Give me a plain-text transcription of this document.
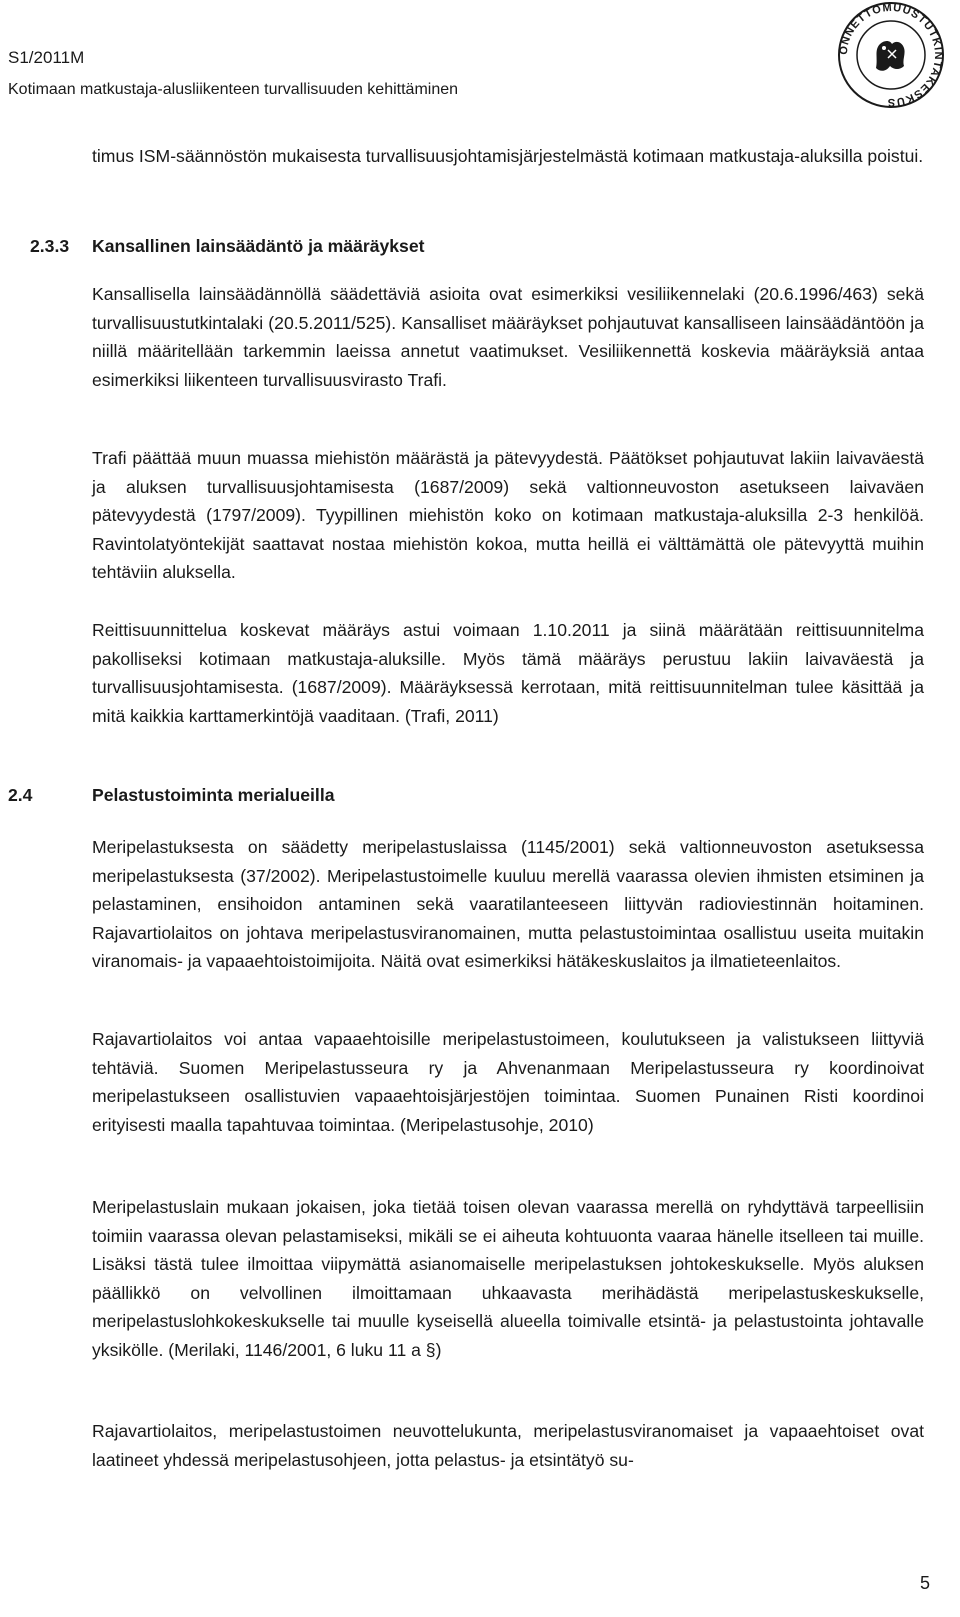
S1/2011M
Kotimaan matkustaja-alusliikenteen turvallisuuden kehittäminen
ONNETTOMUUSTUTKINTAKESKUS

timus ISM-säännöstön mukaisesta turvallisuusjohtamisjärjestelmästä kotimaan matkustaja-aluksilla poistui.

2.3.3 Kansallinen lainsäädäntö ja määräykset

Kansallisella lainsäädännöllä säädettäviä asioita ovat esimerkiksi vesiliikennelaki (20.6.1996/463) sekä turvallisuustutkintalaki (20.5.2011/525). Kansalliset määräykset pohjautuvat kansalliseen lainsäädäntöön ja niillä määritellään tarkemmin laeissa annetut vaatimukset. Vesiliikennettä koskevia määräyksiä antaa esimerkiksi liikenteen turvallisuusvirasto Trafi.

Trafi päättää muun muassa miehistön määrästä ja pätevyydestä. Päätökset pohjautuvat lakiin laivaväestä ja aluksen turvallisuusjohtamisesta (1687/2009) sekä valtionneuvoston asetukseen laivaväen pätevyydestä (1797/2009). Tyypillinen miehistön koko on kotimaan matkustaja-aluksilla 2-3 henkilöä. Ravintolatyöntekijät saattavat nostaa miehistön kokoa, mutta heillä ei välttämättä ole pätevyyttä muihin tehtäviin aluksella.

Reittisuunnittelua koskevat määräys astui voimaan 1.10.2011 ja siinä määrätään reittisuunnitelma pakolliseksi kotimaan matkustaja-aluksille. Myös tämä määräys perustuu lakiin laivaväestä ja turvallisuusjohtamisesta. (1687/2009). Määräyksessä kerrotaan, mitä reittisuunnitelman tulee käsittää ja mitä kaikkia karttamerkintöjä vaaditaan. (Trafi, 2011)

2.4	Pelastustoiminta merialueilla

Meripelastuksesta on säädetty meripelastuslaissa (1145/2001) sekä valtionneuvoston asetuksessa meripelastuksesta (37/2002). Meripelastustoimelle kuuluu merellä vaarassa olevien ihmisten etsiminen ja pelastaminen, ensihoidon antaminen sekä vaaratilanteeseen liittyvän radioviestinnän hoitaminen. Rajavartiolaitos on johtava meripelastusviranomainen, mutta pelastustoimintaa osallistuu useita muitakin viranomais- ja vapaaehtoistoimijoita. Näitä ovat esimerkiksi hätäkeskuslaitos ja ilmatieteenlaitos.

Rajavartiolaitos voi antaa vapaaehtoisille meripelastustoimeen, koulutukseen ja valistukseen liittyviä tehtäviä. Suomen Meripelastusseura ry ja Ahvenanmaan Meripelastusseura ry koordinoivat meripelastukseen osallistuvien vapaaehtoisjärjestöjen toimintaa. Suomen Punainen Risti koordinoi erityisesti maalla tapahtuvaa toimintaa. (Meripelastusohje, 2010)

Meripelastuslain mukaan jokaisen, joka tietää toisen olevan vaarassa merellä on ryhdyttävä tarpeellisiin toimiin vaarassa olevan pelastamiseksi, mikäli se ei aiheuta kohtuuonta vaaraa hänelle itselleen tai muille. Lisäksi tästä tulee ilmoittaa viipymättä asianomaiselle meripelastuksen johtokeskukselle. Myös aluksen päällikkö on velvollinen ilmoittamaan uhkaavasta merihädästä meripelastuskeskukselle, meripelastuslohkokeskukselle tai muulle kyseisellä alueella toimivalle etsintä- ja pelastustointa johtavalle yksikölle. (Merilaki, 1146/2001, 6 luku 11 a §)

Rajavartiolaitos, meripelastustoimen neuvottelukunta, meripelastusviranomaiset ja vapaaehtoiset ovat laatineet yhdessä meripelastusohjeen, jotta pelastus- ja etsintätyö su-

5
